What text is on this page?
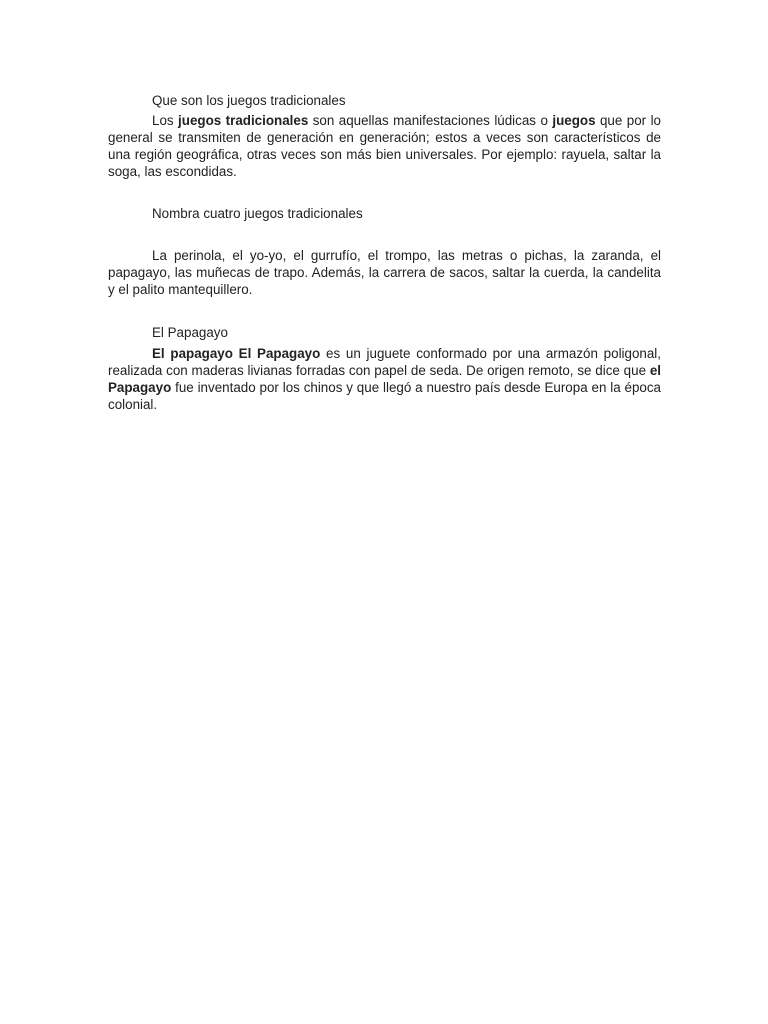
Que son los juegos tradicionales

Los juegos tradicionales son aquellas manifestaciones lúdicas o juegos que por lo general se transmiten de generación en generación; estos a veces son característicos de una región geográfica, otras veces son más bien universales. Por ejemplo: rayuela, saltar la soga, las escondidas.

Nombra cuatro juegos tradicionales

La perinola, el yo-yo, el gurrufío, el trompo, las metras o pichas, la zaranda, el papagayo, las muñecas de trapo. Además, la carrera de sacos, saltar la cuerda, la candelita y el palito mantequillero.

El Papagayo

El papagayo El Papagayo es un juguete conformado por una armazón poligonal, realizada con maderas livianas forradas con papel de seda. De origen remoto, se dice que el Papagayo fue inventado por los chinos y que llegó a nuestro país desde Europa en la época colonial.
